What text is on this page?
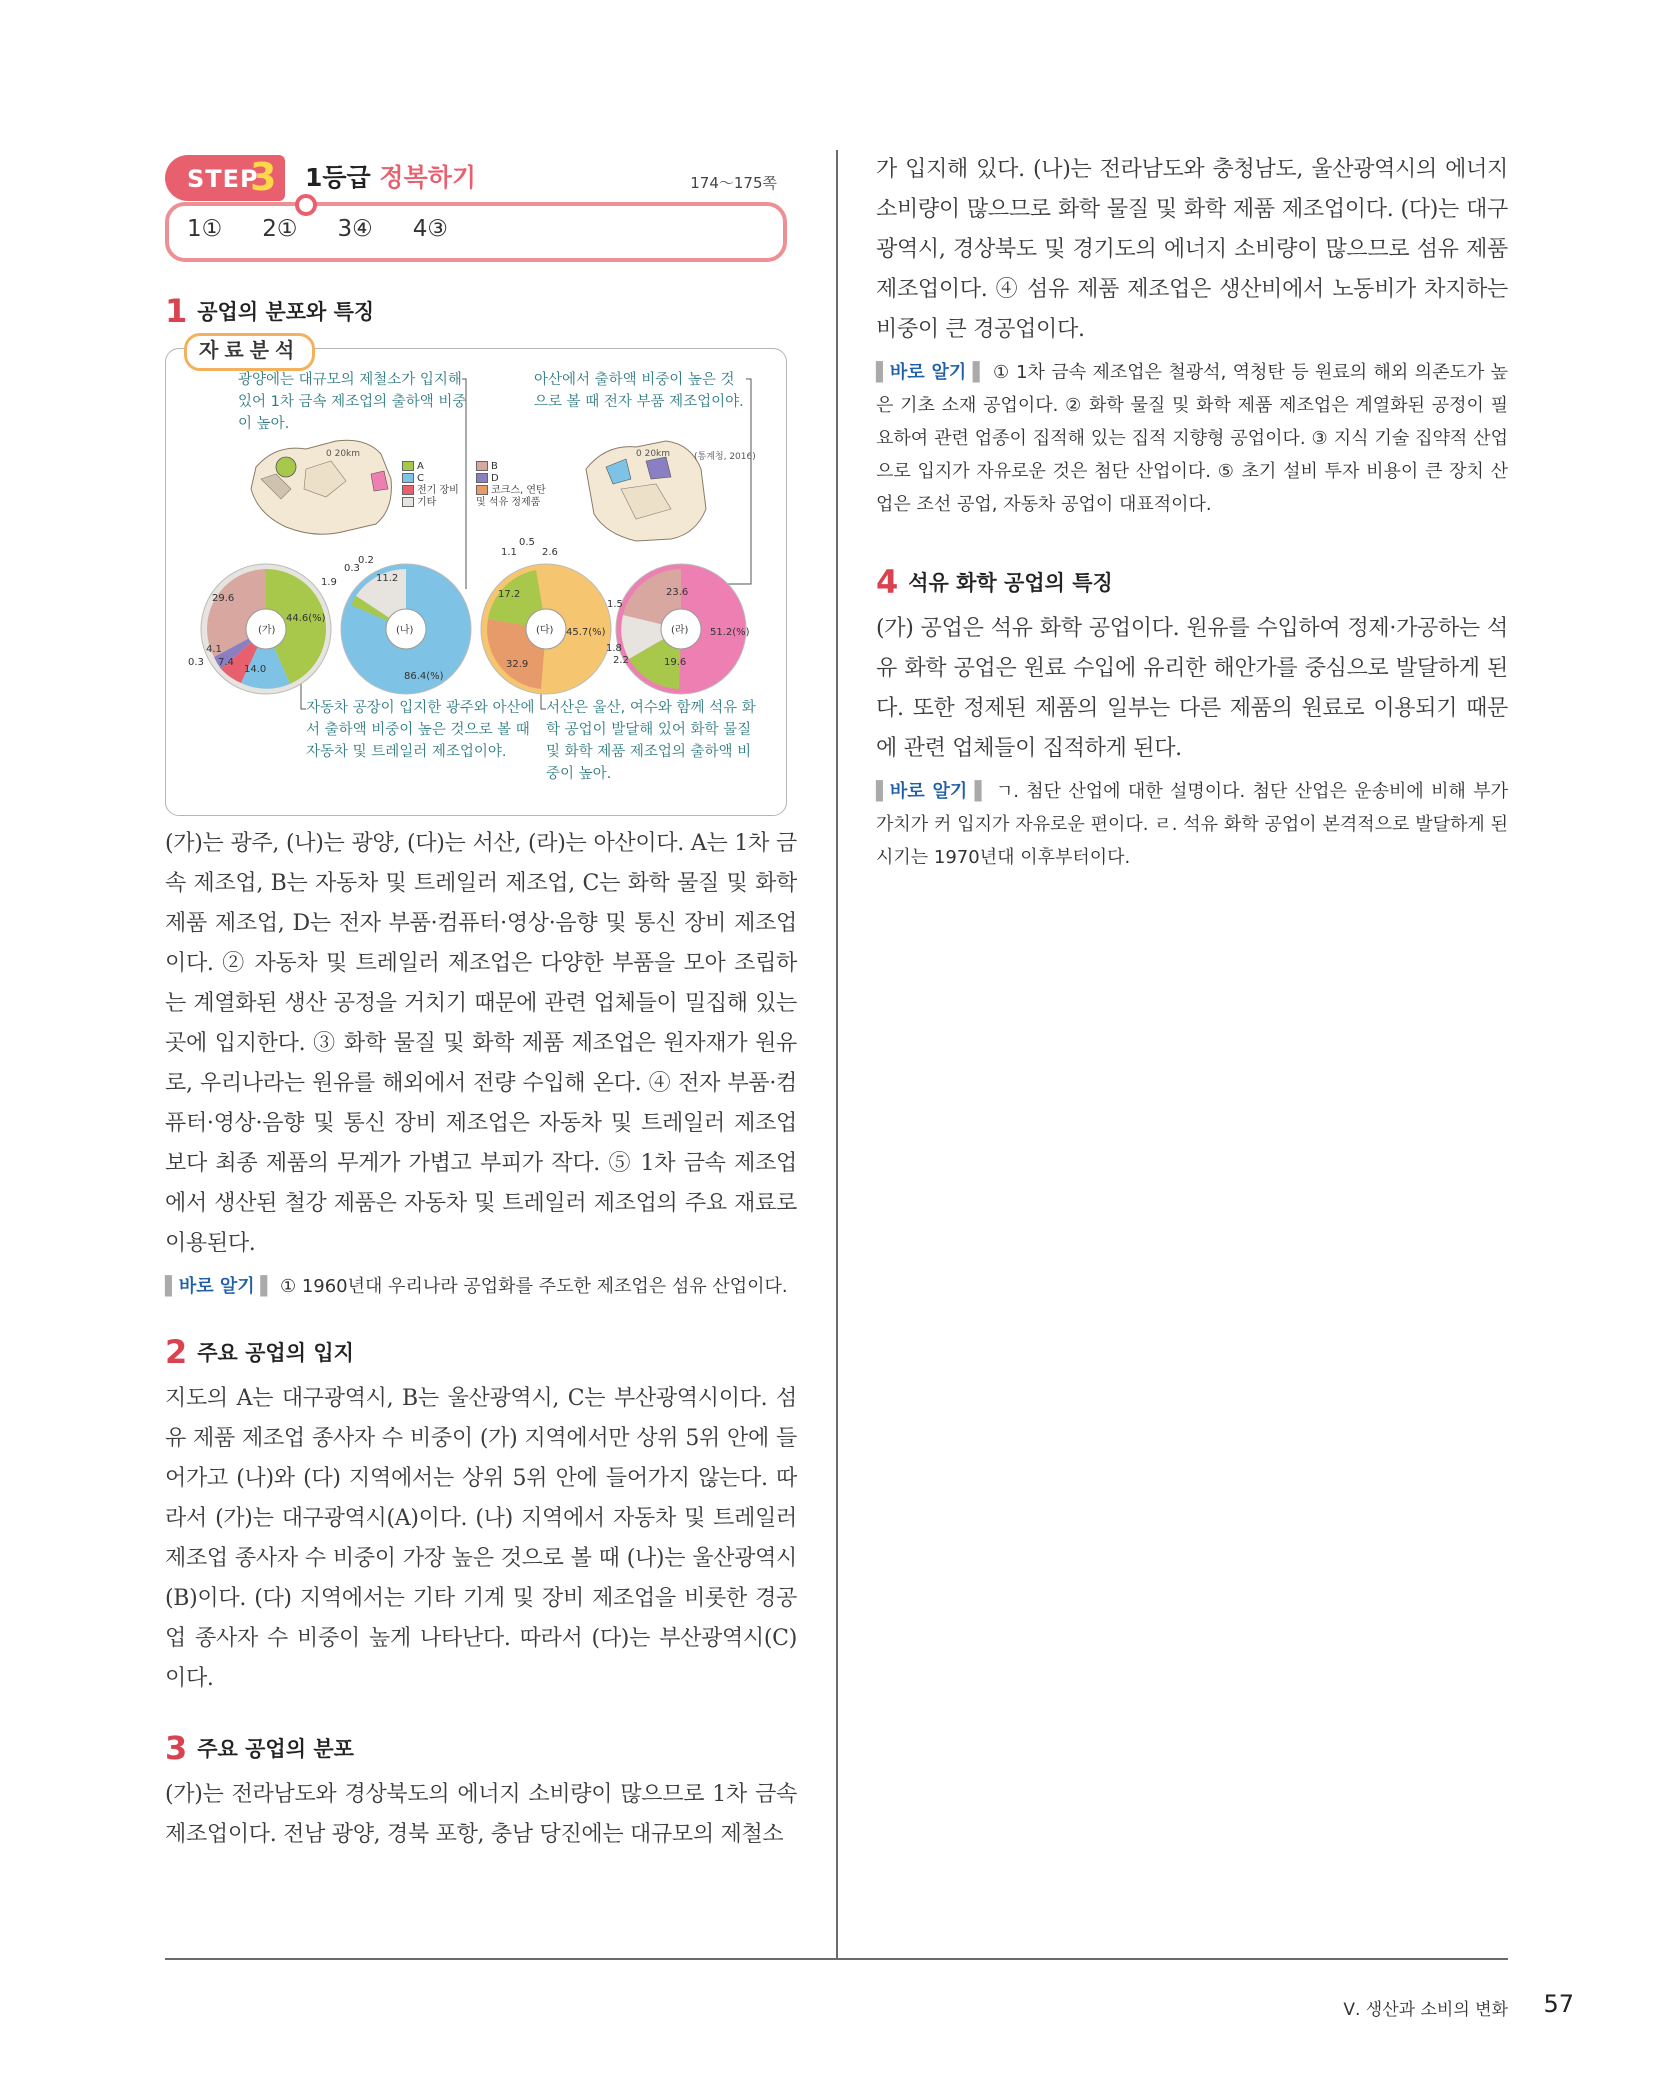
STEP
3 1등급 정복하기	174～175쪽
1① 2① 3④ 4③
1 공업의 분포와 특징
자료분석
(가)	(나)	(다)	(라)
44.6(%)
29.6
14.0
7.4
4.1
0.3
86.4(%)
11.2
1.9
0.3
0.2
45.7(%)
32.9
17.2
1.1
0.5
2.6
51.2(%)
23.6
19.6
2.2
1.8
1.5
광양에는 대규모의 제철소가 입지해 있어 1차 금속 제조업의 출하액 비중이 높아.
아산에서 출하액 비중이 높은 것으로 볼 때 전자 부품 제조업이야.
자동차 공장이 입지한 광주와 아산에서 출하액 비중이 높은 것으로 볼 때 자동차 및 트레일러 제조업이야.
서산은 울산, 여수와 함께 석유 화학 공업이 발달해 있어 화학 물질 및 화학 제품 제조업의 출하액 비중이 높아.
0 20km	0 20km	(통계청, 2016)
A
C
전기 장비
기타
B
D
코크스, 연탄 및 석유 정제품

(가)는 광주, (나)는 광양, (다)는 서산, (라)는 아산이다. A는 1차 금속 제조업, B는 자동차 및 트레일러 제조업, C는 화학 물질 및 화학 제품 제조업, D는 전자 부품·컴퓨터·영상·음향 및 통신 장비 제조업이다. ② 자동차 및 트레일러 제조업은 다양한 부품을 모아 조립하는 계열화된 생산 공정을 거치기 때문에 관련 업체들이 밀집해 있는 곳에 입지한다. ③ 화학 물질 및 화학 제품 제조업은 원자재가 원유로, 우리나라는 원유를 해외에서 전량 수입해 온다. ④ 전자 부품·컴퓨터·영상·음향 및 통신 장비 제조업은 자동차 및 트레일러 제조업보다 최종 제품의 무게가 가볍고 부피가 작다. ⑤ 1차 금속 제조업에서 생산된 철강 제품은 자동차 및 트레일러 제조업의 주요 재료로 이용된다.

▌바로 알기 ▌ ① 1960년대 우리나라 공업화를 주도한 제조업은 섬유 산업이다.
2 주요 공업의 입지

지도의 A는 대구광역시, B는 울산광역시, C는 부산광역시이다. 섬유 제품 제조업 종사자 수 비중이 (가) 지역에서만 상위 5위 안에 들어가고 (나)와 (다) 지역에서는 상위 5위 안에 들어가지 않는다. 따라서 (가)는 대구광역시(A)이다. (나) 지역에서 자동차 및 트레일러 제조업 종사자 수 비중이 가장 높은 것으로 볼 때 (나)는 울산광역시(B)이다. (다) 지역에서는 기타 기계 및 장비 제조업을 비롯한 경공업 종사자 수 비중이 높게 나타난다. 따라서 (다)는 부산광역시(C)이다.

3 주요 공업의 분포

(가)는 전라남도와 경상북도의 에너지 소비량이 많으므로 1차 금속 제조업이다. 전남 광양, 경북 포항, 충남 당진에는 대규모의 제철소

가 입지해 있다. (나)는 전라남도와 충청남도, 울산광역시의 에너지 소비량이 많으므로 화학 물질 및 화학 제품 제조업이다. (다)는 대구광역시, 경상북도 및 경기도의 에너지 소비량이 많으므로 섬유 제품 제조업이다. ④ 섬유 제품 제조업은 생산비에서 노동비가 차지하는 비중이 큰 경공업이다.

▌바로 알기 ▌ ① 1차 금속 제조업은 철광석, 역청탄 등 원료의 해외 의존도가 높은 기초 소재 공업이다. ② 화학 물질 및 화학 제품 제조업은 계열화된 공정이 필요하여 관련 업종이 집적해 있는 집적 지향형 공업이다. ③ 지식 기술 집약적 산업으로 입지가 자유로운 것은 첨단 산업이다. ⑤ 초기 설비 투자 비용이 큰 장치 산업은 조선 공업, 자동차 공업이 대표적이다.
4 석유 화학 공업의 특징

(가) 공업은 석유 화학 공업이다. 원유를 수입하여 정제·가공하는 석유 화학 공업은 원료 수입에 유리한 해안가를 중심으로 발달하게 된다. 또한 정제된 제품의 일부는 다른 제품의 원료로 이용되기 때문에 관련 업체들이 집적하게 된다.

▌바로 알기 ▌ ㄱ. 첨단 산업에 대한 설명이다. 첨단 산업은 운송비에 비해 부가 가치가 커 입지가 자유로운 편이다. ㄹ. 석유 화학 공업이 본격적으로 발달하게 된 시기는 1970년대 이후부터이다.
Ⅴ. 생산과 소비의 변화 57
